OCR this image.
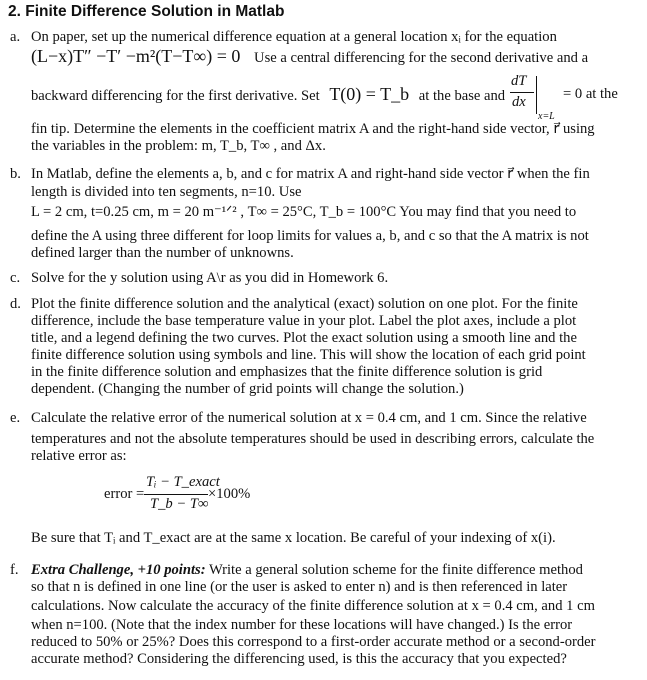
2. Finite Difference Solution in Matlab
a. On paper, set up the numerical difference equation at a general location xᵢ for the equation
(L−x)T″ −T′ −m²(T−T∞) = 0 Use a central differencing for the second derivative and a
backward differencing for the first derivative. Set T(0) = T_b at the base and
dT
dx
x=L
= 0 at the
fin tip. Determine the elements in the coefficient matrix A and the right-hand side vector, r⃗ using
the variables in the problem: m, T_b, T∞ , and Δx.
b. In Matlab, define the elements a, b, and c for matrix A and right-hand side vector r⃗ when the fin
length is divided into ten segments, n=10. Use
L = 2 cm, t=0.25 cm, m = 20 m⁻¹ᐟ² , T∞ = 25°C, T_b = 100°C You may find that you need to
define the A using three different for loop limits for values a, b, and c so that the A matrix is not
defined larger than the number of unknowns.
c. Solve for the y solution using A\r as you did in Homework 6.
d. Plot the finite difference solution and the analytical (exact) solution on one plot. For the finite
difference, include the base temperature value in your plot. Label the plot axes, include a plot
title, and a legend defining the two curves. Plot the exact solution using a smooth line and the
finite difference solution using symbols and line. This will show the location of each grid point
in the finite difference solution and emphasizes that the finite difference solution is grid
dependent. (Changing the number of grid points will change the solution.)
e. Calculate the relative error of the numerical solution at x = 0.4 cm, and 1 cm. Since the relative
temperatures and not the absolute temperatures should be used in describing errors, calculate the
relative error as:
error =
Tᵢ − T_exact
T_b − T∞
×100%
Be sure that Tᵢ and T_exact are at the same x location. Be careful of your indexing of x(i).
f. Extra Challenge, +10 points: Write a general solution scheme for the finite difference method
so that n is defined in one line (or the user is asked to enter n) and is then referenced in later
calculations. Now calculate the accuracy of the finite difference solution at x = 0.4 cm, and 1 cm
when n=100. (Note that the index number for these locations will have changed.) Is the error
reduced to 50% or 25%? Does this correspond to a first-order accurate method or a second-order
accurate method? Considering the differencing used, is this the accuracy that you expected?
